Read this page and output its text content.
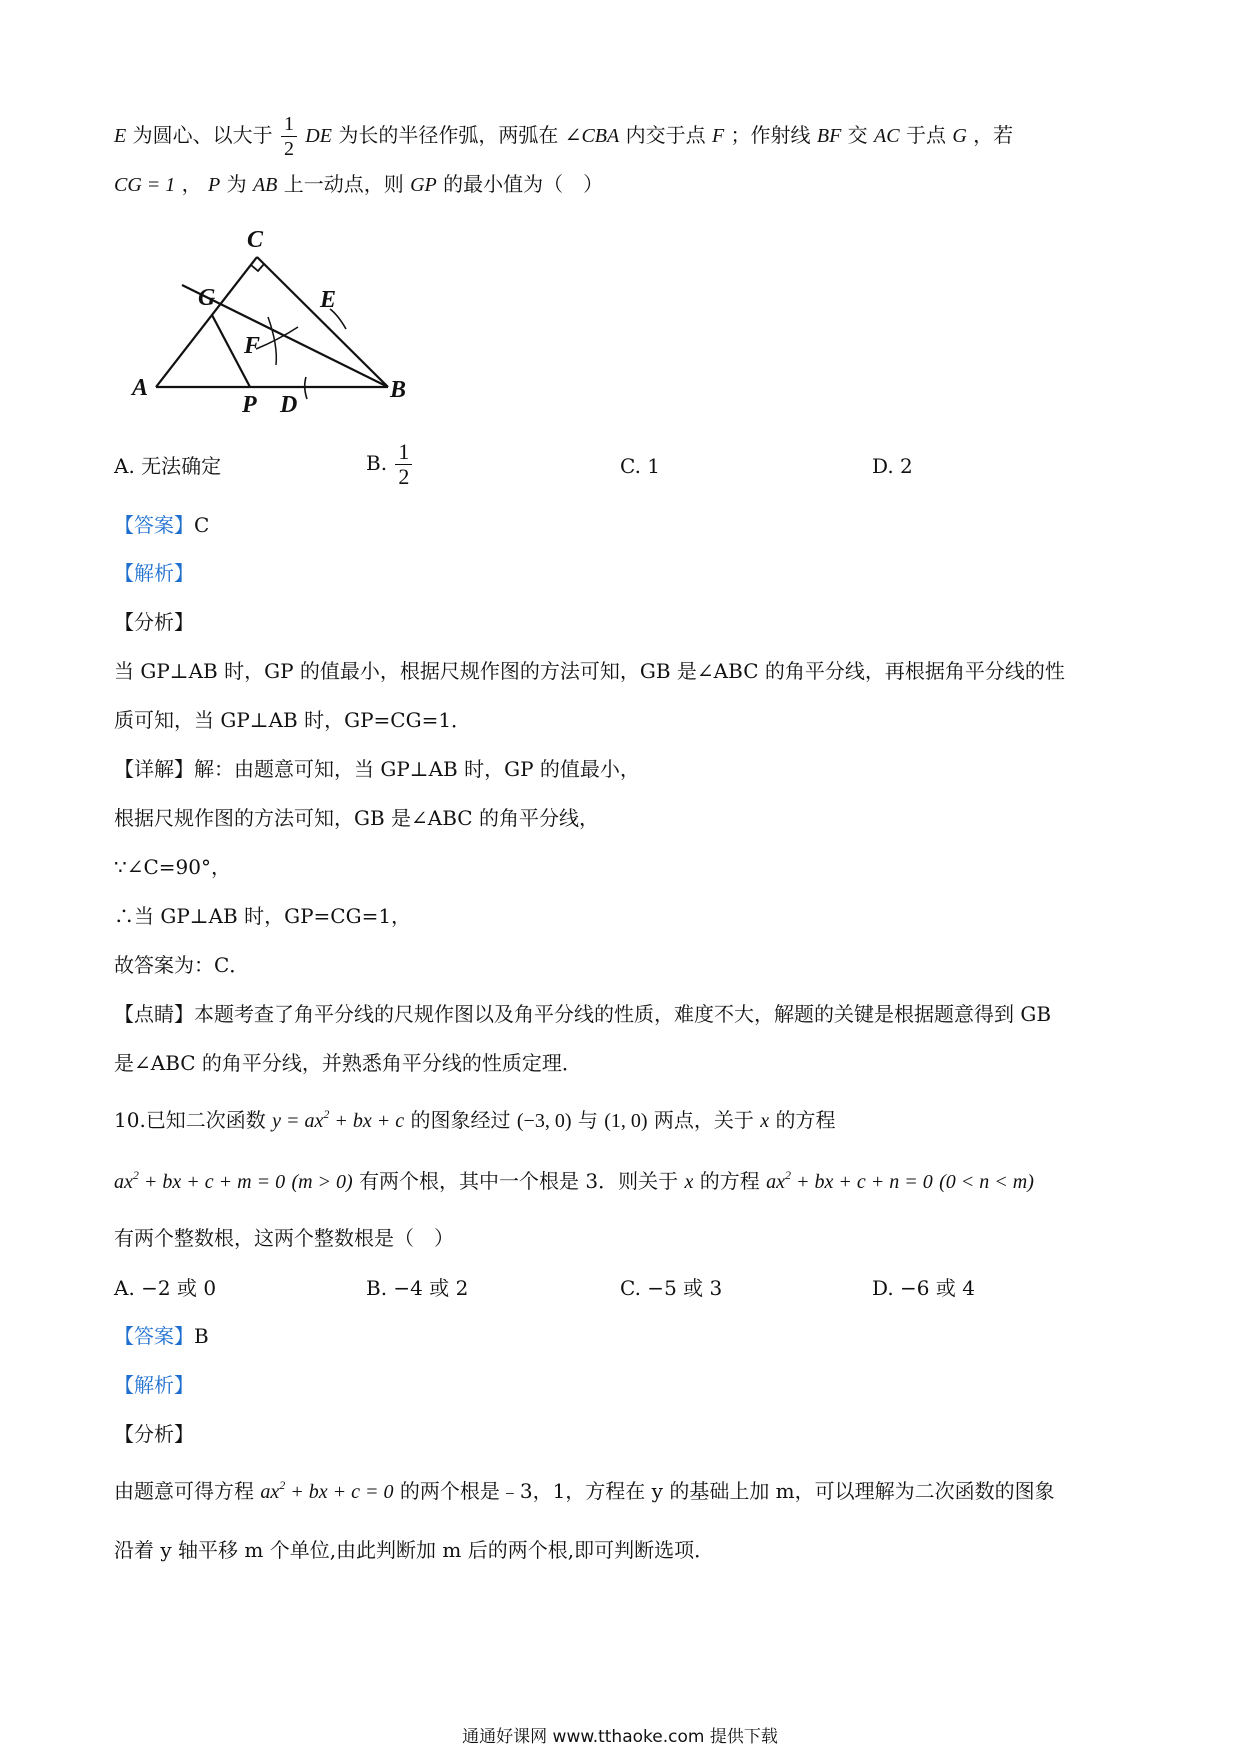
E 为圆心、以大于 $\frac{1}{2}$ DE 为长的半径作弧，两弧在 ∠CBA 内交于点 F ；作射线 BF 交 AC 于点 G ，若
CG = 1 ， P 为 AB 上一动点，则 GP 的最小值为（　）
C
G	E
F
A
P D
B
A. 无法确定	B. $\frac{1}{2}$	C. 1	D. 2
【答案】C
【解析】
【分析】
当 GP⊥AB 时，GP 的值最小，根据尺规作图的方法可知，GB 是∠ABC 的角平分线，再根据角平分线的性
质可知，当 GP⊥AB 时，GP=CG=1．
【详解】解：由题意可知，当 GP⊥AB 时，GP 的值最小，
根据尺规作图的方法可知，GB 是∠ABC 的角平分线，
∵∠C=90°，
∴当 GP⊥AB 时，GP=CG=1，
故答案为：C．
【点睛】本题考查了角平分线的尺规作图以及角平分线的性质，难度不大，解题的关键是根据题意得到 GB
是∠ABC 的角平分线，并熟悉角平分线的性质定理．
10.已知二次函数 $y = ax^2$ + bx + c 的图象经过 (−3, 0) 与 (1, 0) 两点，关于 x 的方程
$ax^2$ + bx + c + m = 0 (m > 0) 有两个根，其中一个根是 3．则关于 x 的方程 $ax^2$ + bx + c + n = 0 (0 < n < m)
有两个整数根，这两个整数根是（　）
A. −2 或 0	B. −4 或 2	C. −5 或 3	D. −6 或 4
【答案】B
【解析】
【分析】
由题意可得方程 $ax^2$ + bx + c = 0 的两个根是﹣3，1，方程在 y 的基础上加 m，可以理解为二次函数的图象
沿着 y 轴平移 m 个单位,由此判断加 m 后的两个根,即可判断选项．
通通好课网 www.tthaoke.com 提供下载
